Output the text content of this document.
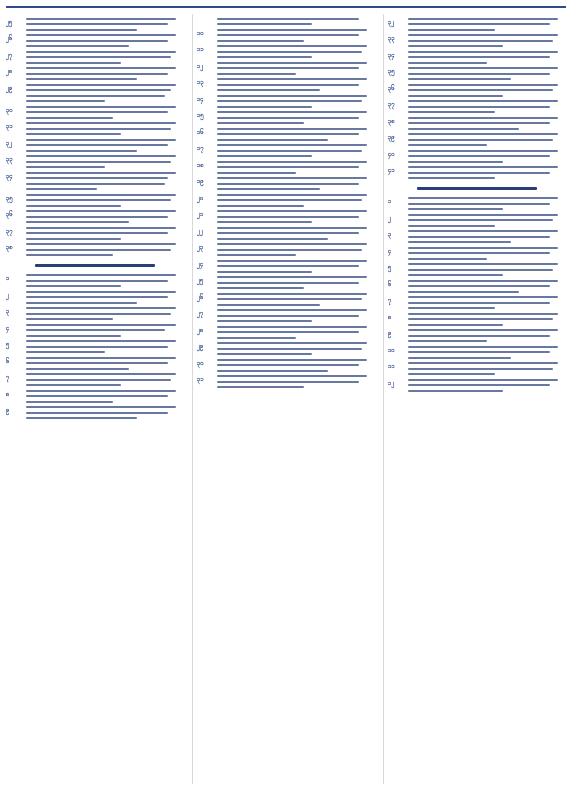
၂၅
၂၆
၂၇
၂၈
၂၉
၃၀
၃၁
၃၂
၃၃
၃၄
၃၅
၃၆
၃၇
၃၈
၁
၂
၃
၄
၅
၆
၇
၈
၉
၁၀
၁၁
၁၂
၁၃
၁၄
၁၅
၁၆
၁၇
၁၈
၁၉
၂၀
၂၁
၂၂
၂၃
၂၄
၂၅
၂၆
၂၇
၂၈
၂၉
၃၀
၃၁
၃၂
၃၃
၃၄
၃၅
၃၆
၃၇
၃၈
၃၉
၄၀
၄၁
၁
၂
၃
၄
၅
၆
၇
၈
၉
၁၀
၁၁
၁၂
